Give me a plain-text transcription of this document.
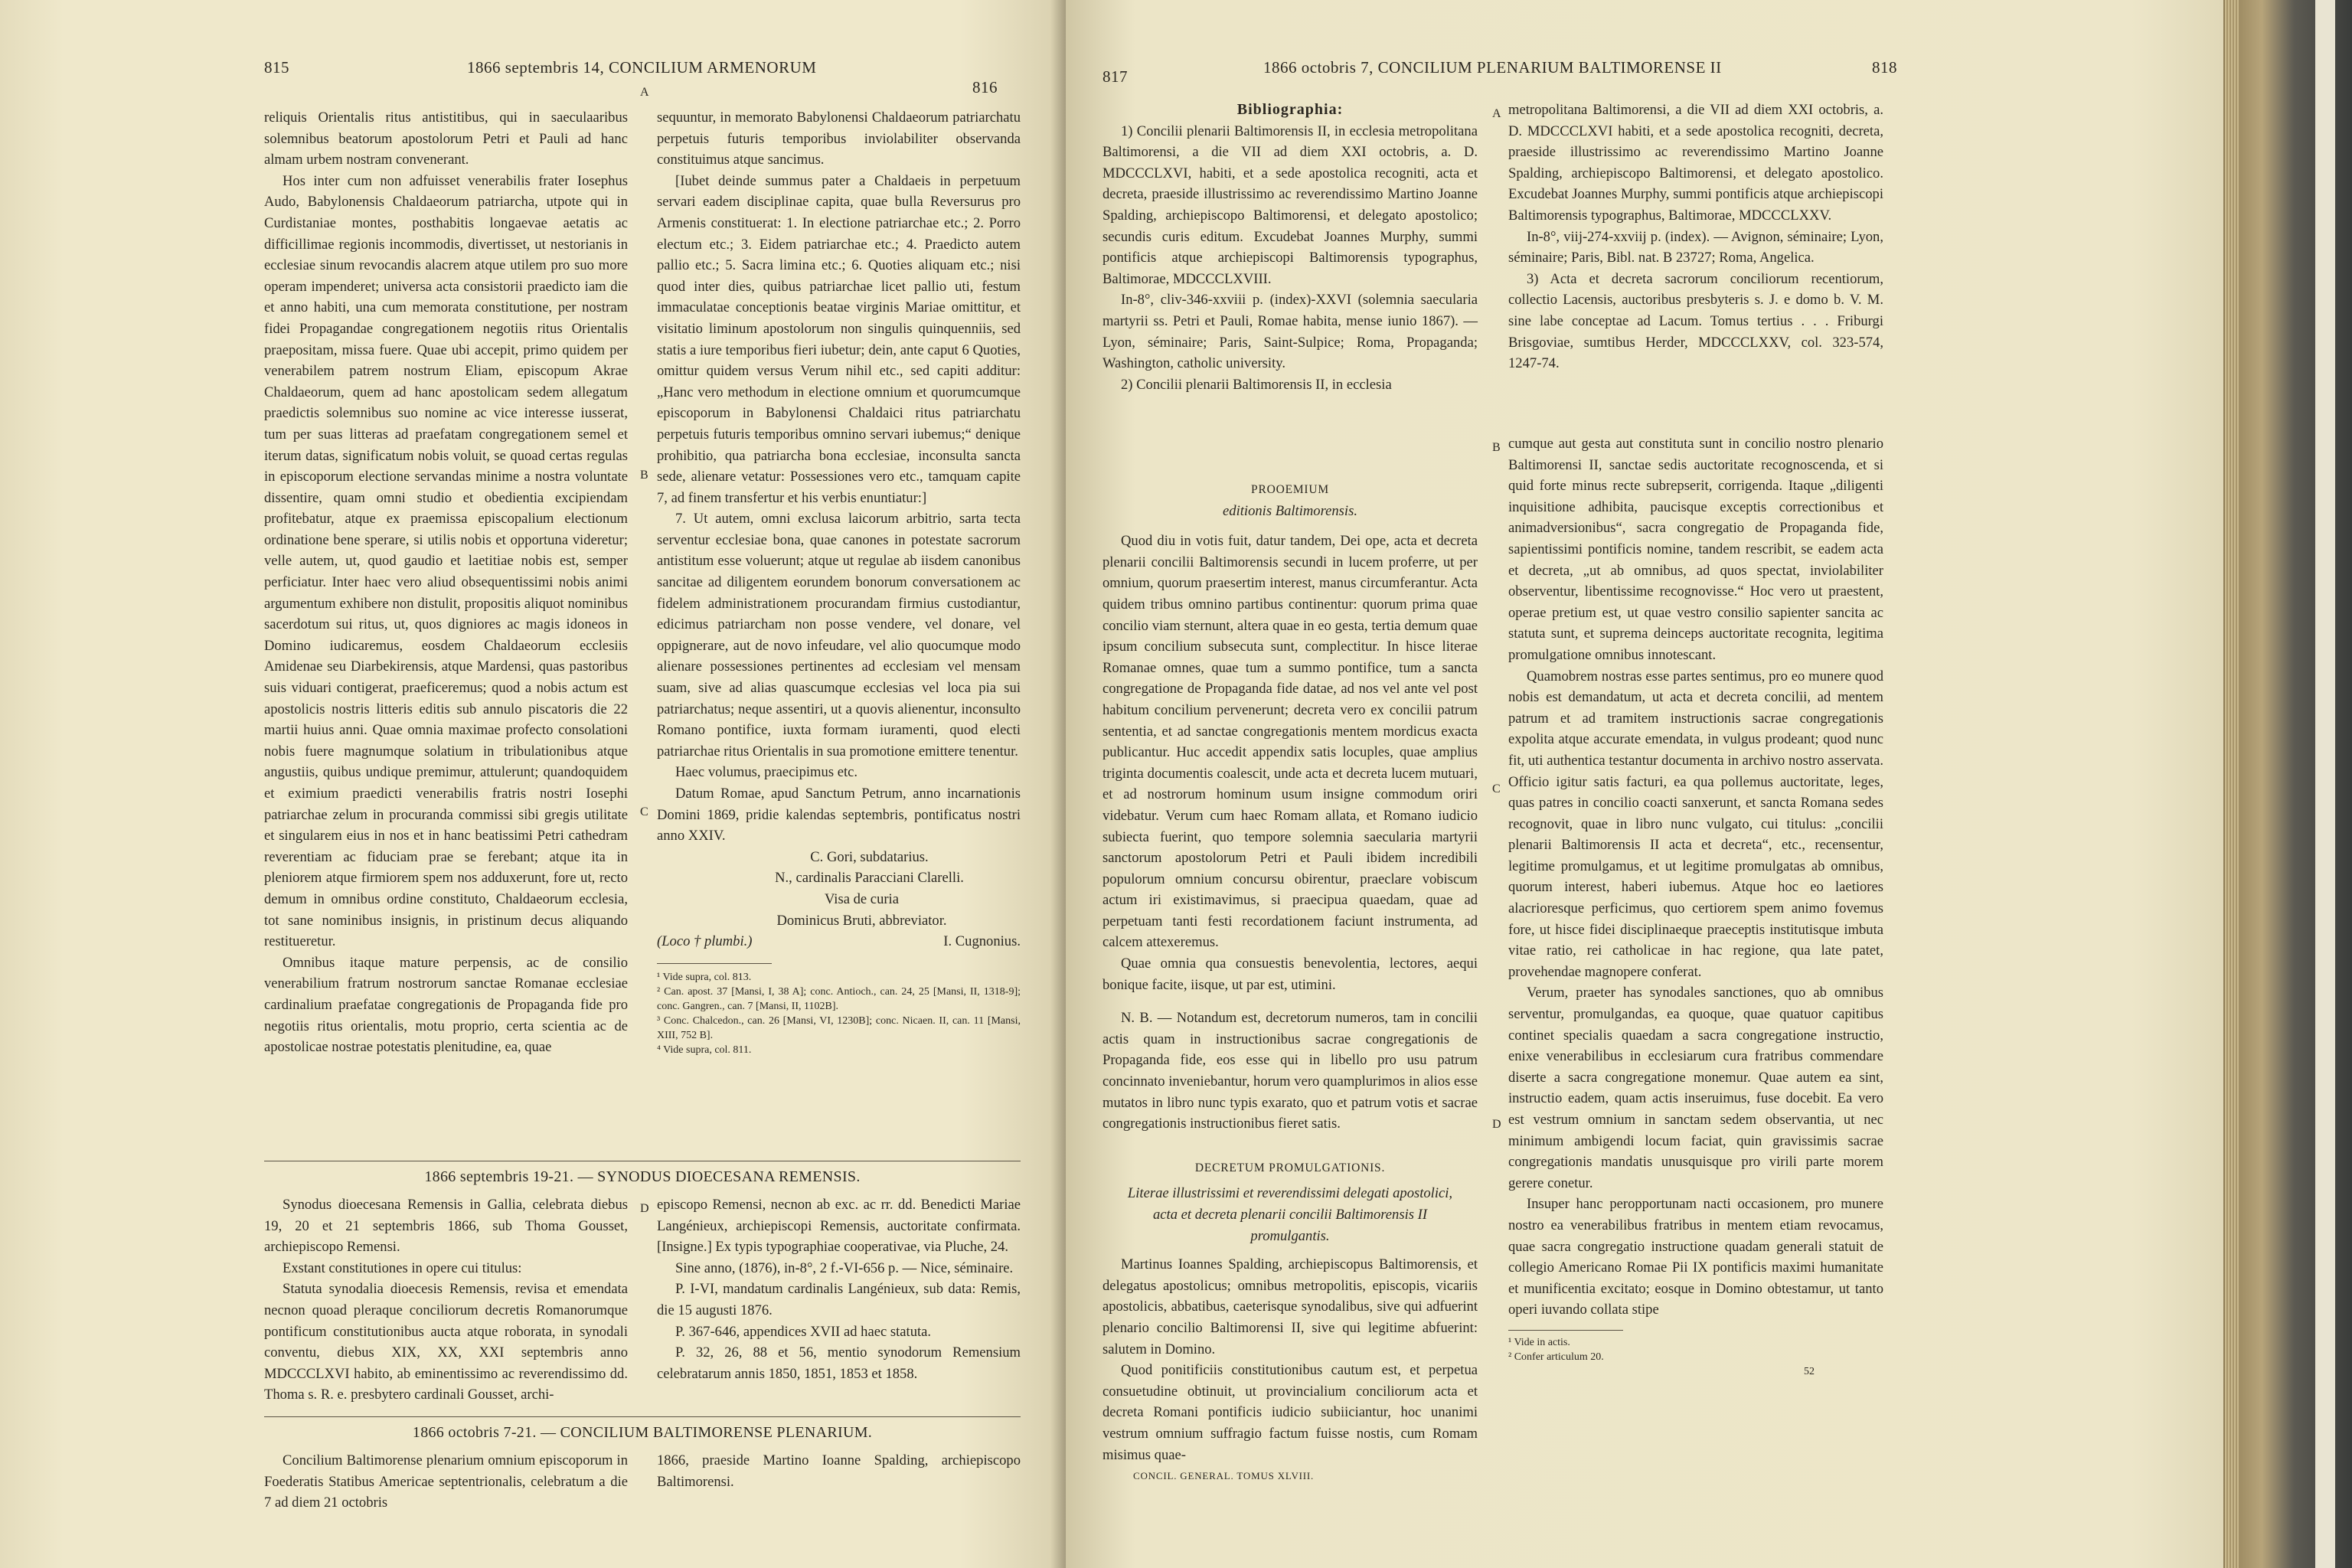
815	1866 septembris 14, CONCILIUM ARMENORUM
816

reliquis Orientalis ritus antistitibus, qui in saeculaaribus solemnibus beatorum apostolorum Petri et Pauli ad hanc almam urbem nostram convenerant.

Hos inter cum non adfuisset venerabilis frater Iosephus Audo, Babylonensis Chaldaeorum patriarcha, utpote qui in Curdistaniae montes, posthabitis longaevae aetatis ac difficillimae regionis incommodis, divertisset, ut nestorianis in ecclesiae sinum revocandis alacrem atque utilem pro suo more operam impenderet; universa acta consistorii praedicto iam die et anno habiti, una cum memorata constitutione, per nostram fidei Propagandae congregationem negotiis ritus Orientalis praepositam, missa fuere. Quae ubi accepit, primo quidem per venerabilem patrem nostrum Eliam, episcopum Akrae Chaldaeorum, quem ad hanc apostolicam sedem allegatum praedictis solemnibus suo nomine ac vice interesse iusserat, tum per suas litteras ad praefatam congregationem semel et iterum datas, significatum nobis voluit, se quoad certas regulas in episcoporum electione servandas minime a nostra voluntate dissentire, quam omni studio et obedientia excipiendam profitebatur, atque ex praemissa episcopalium electionum ordinatione bene sperare, si utilis nobis et opportuna videretur; velle autem, ut, quod gaudio et laetitiae nobis est, semper perficiatur. Inter haec vero aliud obsequentissimi nobis animi argumentum exhibere non distulit, propositis aliquot nominibus sacerdotum sui ritus, ut, quos digniores ac magis idoneos in Domino iudicaremus, eosdem Chaldaeorum ecclesiis Amidenae seu Diarbekirensis, atque Mardensi, quas pastoribus suis viduari contigerat, praeficeremus; quod a nobis actum est apostolicis nostris litteris editis sub annulo piscatoris die 22 martii huius anni. Quae omnia maximae profecto consolationi nobis fuere magnumque solatium in tribulationibus atque angustiis, quibus undique premimur, attulerunt; quandoquidem et eximium praedicti venerabilis fratris nostri Iosephi patriarchae zelum in procuranda commissi sibi gregis utilitate et singularem eius in nos et in hanc beatissimi Petri cathedram reverentiam ac fiduciam prae se ferebant; atque ita in pleniorem atque firmiorem spem nos adduxerunt, fore ut, recto demum in omnibus ordine constituto, Chaldaeorum ecclesia, tot sane nominibus insignis, in pristinum decus aliquando restitueretur.

Omnibus itaque mature perpensis, ac de consilio venerabilium fratrum nostrorum sanctae Romanae ecclesiae cardinalium praefatae congregationis de Propaganda fide pro negotiis ritus orientalis, motu proprio, certa scientia ac de apostolicae nostrae potestatis plenitudine, ea, quae

sequuntur, in memorato Babylonensi Chaldaeorum patriarchatu perpetuis futuris temporibus inviolabiliter observanda constituimus atque sancimus.

[Iubet deinde summus pater a Chaldaeis in perpetuum servari eadem disciplinae capita, quae bulla Reversurus pro Armenis constituerat: 1. In electione patriarchae etc.; 2. Porro electum etc.; 3. Eidem patriarchae etc.; 4. Praedicto autem pallio etc.; 5. Sacra limina etc.; 6. Quoties aliquam etc.; nisi quod inter dies, quibus patriarchae licet pallio uti, festum immaculatae conceptionis beatae virginis Mariae omittitur, et visitatio liminum apostolorum non singulis quinquenniis, sed statis a iure temporibus fieri iubetur; dein, ante caput 6 Quoties, omittur quidem versus Verum nihil etc., sed capiti additur: „Hanc vero methodum in electione omnium et quorumcumque episcoporum in Babylonensi Chaldaici ritus patriarchatu perpetuis futuris temporibus omnino servari iubemus;“ denique prohibitio, qua patriarcha bona ecclesiae, inconsulta sancta sede, alienare vetatur: Possessiones vero etc., tamquam capite 7, ad finem transfertur et his verbis enuntiatur:]

7. Ut autem, omni exclusa laicorum arbitrio, sarta tecta serventur ecclesiae bona, quae canones in potestate sacrorum antistitum esse voluerunt; atque ut regulae ab iisdem canonibus sancitae ad diligentem eorundem bonorum conversationem ac fidelem administrationem procurandam firmius custodiantur, edicimus patriarcham non posse vendere, vel donare, vel oppignerare, aut de novo infeudare, vel alio quocumque modo alienare possessiones pertinentes ad ecclesiam vel mensam suam, sive ad alias quascumque ecclesias vel loca pia sui patriarchatus; neque assentiri, ut a quovis alienentur, inconsulto Romano pontifice, iuxta formam iuramenti, quod electi patriarchae ritus Orientalis in sua promotione emittere tenentur.

Haec volumus, praecipimus etc.

Datum Romae, apud Sanctum Petrum, anno incarnationis Domini 1869, pridie kalendas septembris, pontificatus nostri anno XXIV.

C. Gori, subdatarius.

N., cardinalis Paracciani Clarelli.

Visa de curia

Dominicus Bruti, abbreviator.

(Loco † plumbi.)	I. Cugnonius.
¹ Vide supra, col. 813.
² Can. apost. 37 [Mansi, I, 38 A]; conc. Antioch., can. 24, 25 [Mansi, II, 1318-9]; conc. Gangren., can. 7 [Mansi, II, 1102B].
³ Conc. Chalcedon., can. 26 [Mansi, VI, 1230B]; conc. Nicaen. II, can. 11 [Mansi, XIII, 752 B].
⁴ Vide supra, col. 811.
A
B
C
D
1866 septembris 19-21. — SYNODUS DIOECESANA REMENSIS.

Synodus dioecesana Remensis in Gallia, celebrata diebus 19, 20 et 21 septembris 1866, sub Thoma Gousset, archiepiscopo Remensi.

Exstant constitutiones in opere cui titulus:

Statuta synodalia dioecesis Remensis, revisa et emendata necnon quoad pleraque conciliorum decretis Romanorumque pontificum constitutionibus aucta atque roborata, in synodali conventu, diebus XIX, XX, XXI septembris anno MDCCCLXVI habito, ab eminentissimo ac reverendissimo dd. Thoma s. R. e. presbytero cardinali Gousset, archi-

episcopo Remensi, necnon ab exc. ac rr. dd. Benedicti Mariae Langénieux, archiepiscopi Remensis, auctoritate confirmata. [Insigne.] Ex typis typographiae cooperativae, via Pluche, 24.

Sine anno, (1876), in-8°, 2 f.-VI-656 p. — Nice, séminaire.

P. I-VI, mandatum cardinalis Langénieux, sub data: Remis, die 15 augusti 1876.

P. 367-646, appendices XVII ad haec statuta.

P. 32, 26, 88 et 56, mentio synodorum Remensium celebratarum annis 1850, 1851, 1853 et 1858.

1866 octobris 7-21. — CONCILIUM BALTIMORENSE PLENARIUM.

Concilium Baltimorense plenarium omnium episcoporum in Foederatis Statibus Americae septentrionalis, celebratum a die 7 ad diem 21 octobris

1866, praeside Martino Ioanne Spalding, archiepiscopo Baltimorensi.

817	1866 octobris 7, CONCILIUM PLENARIUM BALTIMORENSE II	818

Bibliographia:

1) Concilii plenarii Baltimorensis II, in ecclesia metropolitana Baltimorensi, a die VII ad diem XXI octobris, a. D. MDCCCLXVI, habiti, et a sede apostolica recogniti, acta et decreta, praeside illustrissimo ac reverendissimo Martino Joanne Spalding, archiepiscopo Baltimorensi, et delegato apostolico; secundis curis editum. Excudebat Joannes Murphy, summi pontificis atque archiepiscopi Baltimorensis typographus, Baltimorae, MDCCCLXVIII.

In-8°, cliv-346-xxviii p. (index)-XXVI (solemnia saecularia martyrii ss. Petri et Pauli, Romae habita, mense iunio 1867). — Lyon, séminaire; Paris, Saint-Sulpice; Roma, Propaganda; Washington, catholic university.

2) Concilii plenarii Baltimorensis II, in ecclesia

metropolitana Baltimorensi, a die VII ad diem XXI octobris, a. D. MDCCCLXVI habiti, et a sede apostolica recogniti, decreta, praeside illustrissimo ac reverendissimo Martino Joanne Spalding, archiepiscopo Baltimorensi, et delegato apostolico. Excudebat Joannes Murphy, summi pontificis atque archiepiscopi Baltimorensis typographus, Baltimorae, MDCCCLXXV.

In-8°, viij-274-xxviij p. (index). — Avignon, séminaire; Lyon, séminaire; Paris, Bibl. nat. B 23727; Roma, Angelica.

3) Acta et decreta sacrorum conciliorum recentiorum, collectio Lacensis, auctoribus presbyteris s. J. e domo b. V. M. sine labe conceptae ad Lacum. Tomus tertius . . . Friburgi Brisgoviae, sumtibus Herder, MDCCCLXXV, col. 323-574, 1247-74.

PROOEMIUM

editionis Baltimorensis.

Quod diu in votis fuit, datur tandem, Dei ope, acta et decreta plenarii concilii Baltimorensis secundi in lucem proferre, ut per omnium, quorum praesertim interest, manus circumferantur. Acta quidem tribus omnino partibus continentur: quorum prima quae concilio viam sternunt, altera quae in eo gesta, tertia demum quae ipsum concilium subsecuta sunt, complectitur. In hisce literae Romanae omnes, quae tum a summo pontifice, tum a sancta congregatione de Propaganda fide datae, ad nos vel ante vel post habitum concilium pervenerunt; decreta vero ex concilii patrum sententia, et ad sanctae congregationis mentem mordicus exacta publicantur. Huc accedit appendix satis locuples, quae amplius triginta documentis coalescit, unde acta et decreta lucem mutuari, et ad nostrorum hominum usum insigne commodum oriri videbatur. Verum cum haec Romam allata, et Romano iudicio subiecta fuerint, quo tempore solemnia saecularia martyrii sanctorum apostolorum Petri et Pauli ibidem incredibili populorum omnium concursu obirentur, praeclare vobiscum actum iri existimavimus, si praecipua quaedam, quae ad perpetuam tanti festi recordationem faciunt instrumenta, ad calcem attexeremus.

Quae omnia qua consuestis benevolentia, lectores, aequi bonique facite, iisque, ut par est, utimini.

N. B. — Notandum est, decretorum numeros, tam in concilii actis quam in instructionibus sacrae congregationis de Propaganda fide, eos esse qui in libello pro usu patrum concinnato inveniebantur, horum vero quamplurimos in alios esse mutatos in libro nunc typis exarato, quo et patrum votis et sacrae congregationis instructionibus fieret satis.

DECRETUM PROMULGATIONIS.

Literae illustrissimi et reverendissimi delegati apostolici, acta et decreta plenarii concilii Baltimorensis II promulgantis.

Martinus Ioannes Spalding, archiepiscopus Baltimorensis, et delegatus apostolicus; omnibus metropolitis, episcopis, vicariis apostolicis, abbatibus, caeterisque synodalibus, sive qui adfuerint plenario concilio Baltimorensi II, sive qui legitime abfuerint: salutem in Domino.

Quod ponitificiis constitutionibus cautum est, et perpetua consuetudine obtinuit, ut provincialium conciliorum acta et decreta Romani pontificis iudicio subiiciantur, hoc unanimi vestrum omnium suffragio factum fuisse nostis, cum Romam misimus quae-

CONCIL. GENERAL. TOMUS XLVIII.

cumque aut gesta aut constituta sunt in concilio nostro plenario Baltimorensi II, sanctae sedis auctoritate recognoscenda, et si quid forte minus recte subrepserit, corrigenda. Itaque „diligenti inquisitione adhibita, paucisque exceptis correctionibus et animadversionibus“, sacra congregatio de Propaganda fide, sapientissimi pontificis nomine, tandem rescribit, se eadem acta et decreta, „ut ab omnibus, ad quos spectat, inviolabiliter observentur, libentissime recognovisse.“ Hoc vero ut praestent, operae pretium est, ut quae vestro consilio sapienter sancita ac statuta sunt, et suprema deinceps auctoritate recognita, legitima promulgatione omnibus innotescant.

Quamobrem nostras esse partes sentimus, pro eo munere quod nobis est demandatum, ut acta et decreta concilii, ad mentem patrum et ad tramitem instructionis sacrae congregationis expolita atque accurate emendata, in vulgus prodeant; quod nunc fit, uti authentica testantur documenta in archivo nostro asservata. Officio igitur satis facturi, ea qua pollemus auctoritate, leges, quas patres in concilio coacti sanxerunt, et sancta Romana sedes recognovit, quae in libro nunc vulgato, cui titulus: „concilii plenarii Baltimorensis II acta et decreta“, etc., recensentur, legitime promulgamus, et ut legitime promulgatas ab omnibus, quorum interest, haberi iubemus. Atque hoc eo laetiores alacrioresque perficimus, quo certiorem spem animo fovemus fore, ut hisce fidei disciplinaeque praeceptis institutisque imbuta vitae ratio, rei catholicae in hac regione, qua late patet, provehendae magnopere conferat.

Verum, praeter has synodales sanctiones, quo ab omnibus serventur, promulgandas, ea quoque, quae quatuor capitibus continet specialis quaedam a sacra congregatione instructio, enixe venerabilibus in ecclesiarum cura fratribus commendare diserte a sacra congregatione monemur. Quae autem ea sint, instructio eadem, quam actis inseruimus, fuse docebit. Ea vero est vestrum omnium in sanctam sedem observantia, ut nec minimum ambigendi locum faciat, quin gravissimis sacrae congregationis mandatis unusquisque pro virili parte morem gerere conetur.

Insuper hanc peropportunam nacti occasionem, pro munere nostro ea venerabilibus fratribus in mentem etiam revocamus, quae sacra congregatio instructione quadam generali statuit de collegio Americano Romae Pii IX pontificis maximi humanitate et munificentia excitato; eosque in Domino obtestamur, ut tanto operi iuvando collata stipe

¹ Vide in actis.
² Confer articulum 20.
52
A
B
C
D
